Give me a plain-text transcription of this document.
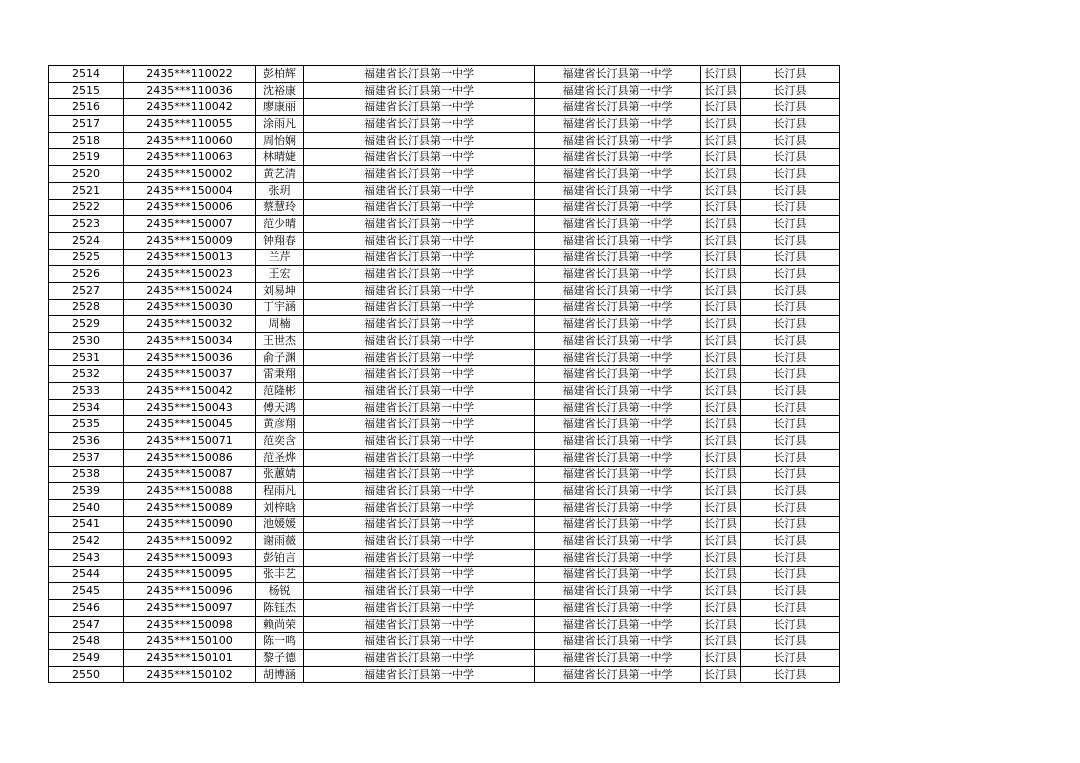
2514	2435***110022	彭柏辉	福建省长汀县第一中学	福建省长汀县第一中学	长汀县	长汀县
2515	2435***110036	沈裕康	福建省长汀县第一中学	福建省长汀县第一中学	长汀县	长汀县
2516	2435***110042	廖康丽	福建省长汀县第一中学	福建省长汀县第一中学	长汀县	长汀县
2517	2435***110055	涂雨凡	福建省长汀县第一中学	福建省长汀县第一中学	长汀县	长汀县
2518	2435***110060	周怡娴	福建省长汀县第一中学	福建省长汀县第一中学	长汀县	长汀县
2519	2435***110063	林晴婕	福建省长汀县第一中学	福建省长汀县第一中学	长汀县	长汀县
2520	2435***150002	黄艺清	福建省长汀县第一中学	福建省长汀县第一中学	长汀县	长汀县
2521	2435***150004	张玥	福建省长汀县第一中学	福建省长汀县第一中学	长汀县	长汀县
2522	2435***150006	蔡慧玲	福建省长汀县第一中学	福建省长汀县第一中学	长汀县	长汀县
2523	2435***150007	范少晴	福建省长汀县第一中学	福建省长汀县第一中学	长汀县	长汀县
2524	2435***150009	钟翔春	福建省长汀县第一中学	福建省长汀县第一中学	长汀县	长汀县
2525	2435***150013	兰芹	福建省长汀县第一中学	福建省长汀县第一中学	长汀县	长汀县
2526	2435***150023	王宏	福建省长汀县第一中学	福建省长汀县第一中学	长汀县	长汀县
2527	2435***150024	刘易坤	福建省长汀县第一中学	福建省长汀县第一中学	长汀县	长汀县
2528	2435***150030	丁宇涵	福建省长汀县第一中学	福建省长汀县第一中学	长汀县	长汀县
2529	2435***150032	周楠	福建省长汀县第一中学	福建省长汀县第一中学	长汀县	长汀县
2530	2435***150034	王世杰	福建省长汀县第一中学	福建省长汀县第一中学	长汀县	长汀县
2531	2435***150036	俞子渊	福建省长汀县第一中学	福建省长汀县第一中学	长汀县	长汀县
2532	2435***150037	雷秉翔	福建省长汀县第一中学	福建省长汀县第一中学	长汀县	长汀县
2533	2435***150042	范隆彬	福建省长汀县第一中学	福建省长汀县第一中学	长汀县	长汀县
2534	2435***150043	傅天鸿	福建省长汀县第一中学	福建省长汀县第一中学	长汀县	长汀县
2535	2435***150045	黄彦翔	福建省长汀县第一中学	福建省长汀县第一中学	长汀县	长汀县
2536	2435***150071	范奕含	福建省长汀县第一中学	福建省长汀县第一中学	长汀县	长汀县
2537	2435***150086	范圣烨	福建省长汀县第一中学	福建省长汀县第一中学	长汀县	长汀县
2538	2435***150087	张蕙婧	福建省长汀县第一中学	福建省长汀县第一中学	长汀县	长汀县
2539	2435***150088	程雨凡	福建省长汀县第一中学	福建省长汀县第一中学	长汀县	长汀县
2540	2435***150089	刘梓晗	福建省长汀县第一中学	福建省长汀县第一中学	长汀县	长汀县
2541	2435***150090	池媛媛	福建省长汀县第一中学	福建省长汀县第一中学	长汀县	长汀县
2542	2435***150092	谢雨薇	福建省长汀县第一中学	福建省长汀县第一中学	长汀县	长汀县
2543	2435***150093	彭铂言	福建省长汀县第一中学	福建省长汀县第一中学	长汀县	长汀县
2544	2435***150095	张丰艺	福建省长汀县第一中学	福建省长汀县第一中学	长汀县	长汀县
2545	2435***150096	杨锐	福建省长汀县第一中学	福建省长汀县第一中学	长汀县	长汀县
2546	2435***150097	陈钰杰	福建省长汀县第一中学	福建省长汀县第一中学	长汀县	长汀县
2547	2435***150098	赖尚荣	福建省长汀县第一中学	福建省长汀县第一中学	长汀县	长汀县
2548	2435***150100	陈一鸣	福建省长汀县第一中学	福建省长汀县第一中学	长汀县	长汀县
2549	2435***150101	黎子德	福建省长汀县第一中学	福建省长汀县第一中学	长汀县	长汀县
2550	2435***150102	胡博涵	福建省长汀县第一中学	福建省长汀县第一中学	长汀县	长汀县
